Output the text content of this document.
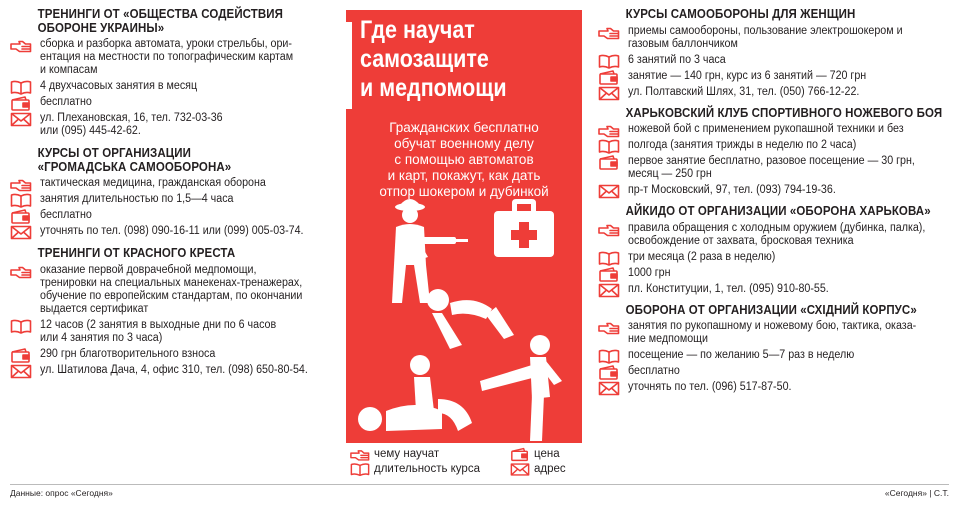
ТРЕНИНГИ ОТ «ОБЩЕСТВА СОДЕЙСТВИЯ
ОБОРОНЕ УКРАИНЫ»
сборка и разборка автомата, уроки стрельбы, ори-
ентация на местности по топографическим картам
и компасам
4 двухчасовых занятия в месяц
бесплатно
ул. Плехановская, 16, тел. 732-03-36
или (095) 445-42-62.
КУРСЫ ОТ ОРГАНИЗАЦИИ
«ГРОМАДСЬКА САМООБОРОНА»
тактическая медицина, гражданская оборона
занятия длительностью по 1,5—4 часа
бесплатно
уточнять по тел. (098) 090-16-11 или (099) 005-03-74.
ТРЕНИНГИ ОТ КРАСНОГО КРЕСТА
оказание первой доврачебной медпомощи,
тренировки на специальных манекенах-тренажерах,
обучение по европейским стандартам, по окончании
выдается сертификат
12 часов (2 занятия в выходные дни по 6 часов
или 4 занятия по 3 часа)
290 грн благотворительного взноса
ул. Шатилова Дача, 4, офис 310, тел. (098) 650-80-54.
Где научат
самозащите
и медпомощи
Гражданских бесплатно
обучат военному делу
с помощью автоматов
и карт, покажут, как дать
отпор шокером и дубинкой
КУРСЫ САМООБОРОНЫ ДЛЯ ЖЕНЩИН
приемы самообороны, пользование электрошокером и
газовым баллончиком
6 занятий по 3 часа
занятие — 140 грн, курс из 6 занятий — 720 грн
ул. Полтавский Шлях, 31, тел. (050) 766-12-22.
ХАРЬКОВСКИЙ КЛУБ СПОРТИВНОГО НОЖЕВОГО БОЯ
ножевой бой с применением рукопашной техники и без
полгода (занятия трижды в неделю по 2 часа)
первое занятие бесплатно, разовое посещение — 30 грн,
месяц — 250 грн
пр-т Московский, 97, тел. (093) 794-19-36.
АЙКИДО ОТ ОРГАНИЗАЦИИ «ОБОРОНА ХАРЬКОВА»
правила обращения с холодным оружием (дубинка, палка),
освобождение от захвата, бросковая техника
три месяца (2 раза в неделю)
1000 грн
пл. Конституции, 1, тел. (095) 910-80-55.
ОБОРОНА ОТ ОРГАНИЗАЦИИ «СХІДНИЙ КОРПУС»
занятия по рукопашному и ножевому бою, тактика, оказа-
ние медпомощи
посещение — по желанию 5—7 раз в неделю
бесплатно
уточнять по тел. (096) 517-87-50.
чему научат
длительность курса
цена
адрес
Данные: опрос «Сегодня»	«Сегодня» | С.Т.
